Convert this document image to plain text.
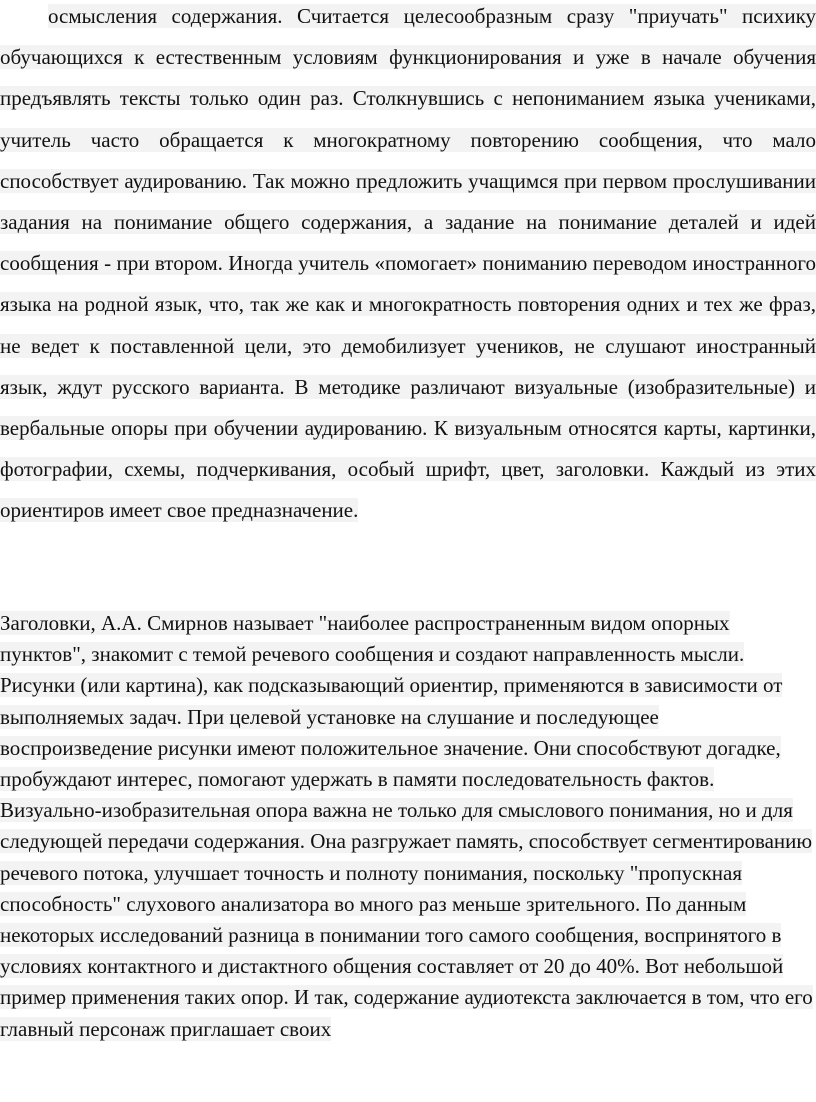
осмысления содержания. Считается целесообразным сразу "приучать" психику обучающихся к естественным условиям функционирования и уже в начале обучения предъявлять тексты только один раз. Столкнувшись с непониманием языка учениками, учитель часто обращается к многократному повторению сообщения, что мало способствует аудированию. Так можно предложить учащимся при первом прослушивании задания на понимание общего содержания, а задание на понимание деталей и идей сообщения - при втором. Иногда учитель «помогает» пониманию переводом иностранного языка на родной язык, что, так же как и многократность повторения одних и тех же фраз, не ведет к поставленной цели, это демобилизует учеников, не слушают иностранный язык, ждут русского варианта. В методике различают визуальные (изобразительные) и вербальные опоры при обучении аудированию. К визуальным относятся карты, картинки, фотографии, схемы, подчеркивания, особый шрифт, цвет, заголовки. Каждый из этих ориентиров имеет свое предназначение.

Заголовки, А.А. Смирнов называет "наиболее распространенным видом опорных пунктов", знакомит с темой речевого сообщения и создают направленность мысли. Рисунки (или картина), как подсказывающий ориентир, применяются в зависимости от выполняемых задач. При целевой установке на слушание и последующее воспроизведение рисунки имеют положительное значение. Они способствуют догадке, пробуждают интерес, помогают удержать в памяти последовательность фактов. Визуально-изобразительная опора важна не только для смыслового понимания, но и для следующей передачи содержания. Она разгружает память, способствует сегментированию речевого потока, улучшает точность и полноту понимания, поскольку "пропускная способность" слухового анализатора во много раз меньше зрительного. По данным некоторых исследований разница в понимании того самого сообщения, воспринятого в условиях контактного и дистактного общения составляет от 20 до 40%. Вот небольшой пример применения таких опор. И так, содержание аудиотекста заключается в том, что его главный персонаж приглашает своих
